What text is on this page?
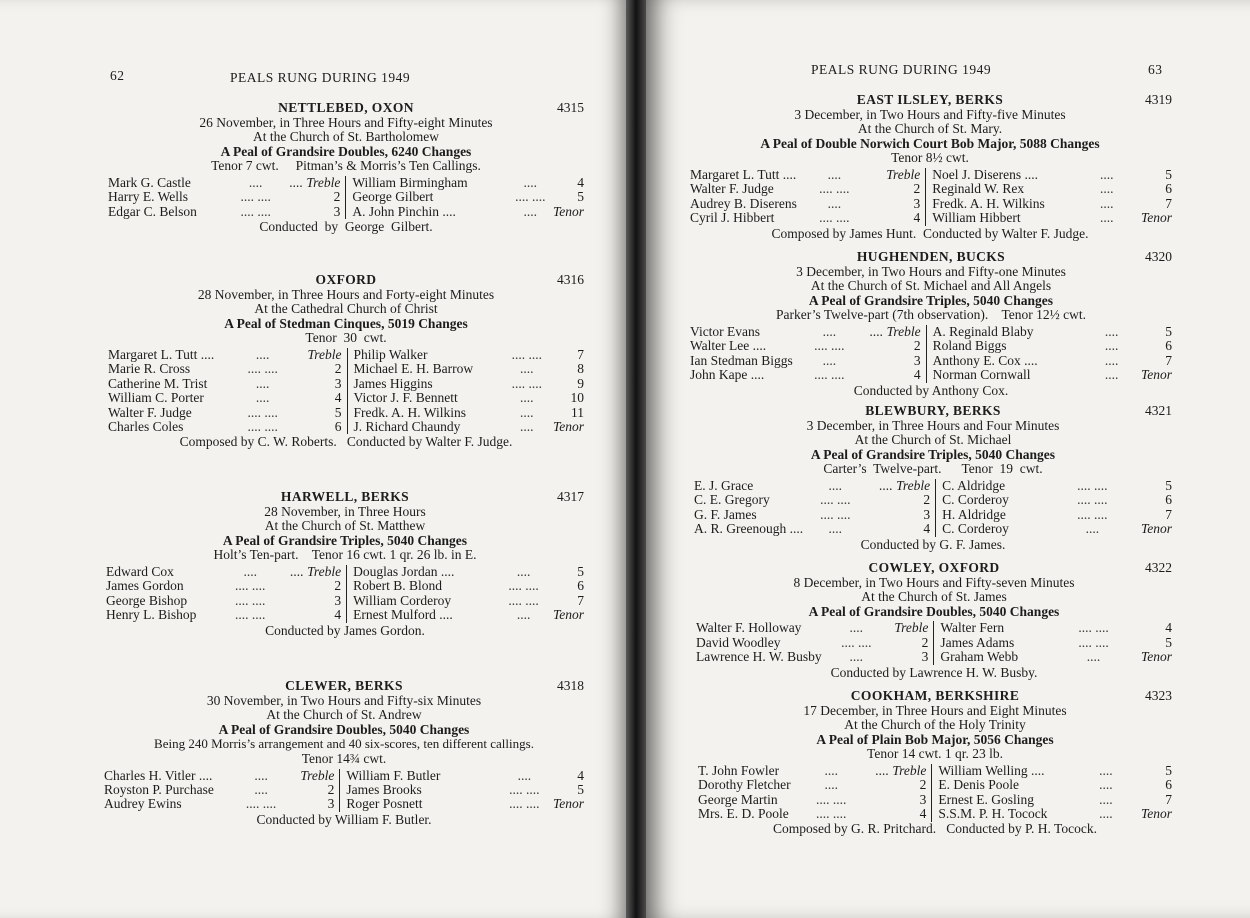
62	PEALS RUNG DURING 1949
NETTLEBED, OXON	4315
26 November, in Three Hours and Fifty-eight Minutes
At the Church of St. Bartholomew
A Peal of Grandsire Doubles, 6240 Changes
Tenor 7 cwt.     Pitman’s & Morris’s Ten Callings.
Mark G. Castle	....	.... Treble	William Birmingham	....	4
Harry E. Wells	.... ....	2	George Gilbert	.... ....	5
Edgar C. Belson	.... ....	3	A. John Pinchin ....	....	Tenor
Conducted  by  George  Gilbert.
OXFORD	4316
28 November, in Three Hours and Forty-eight Minutes
At the Cathedral Church of Christ
A Peal of Stedman Cinques, 5019 Changes
Tenor  30  cwt.
Margaret L. Tutt ....	....	Treble	Philip Walker	.... ....	7
Marie R. Cross	.... ....	2	Michael E. H. Barrow	....	8
Catherine M. Trist	....	3	James Higgins	.... ....	9
William C. Porter	....	4	Victor J. F. Bennett	....	10
Walter F. Judge	.... ....	5	Fredk. A. H. Wilkins	....	11
Charles Coles	.... ....	6	J. Richard Chaundy	....	Tenor
Composed by C. W. Roberts.   Conducted by Walter F. Judge.
HARWELL, BERKS	4317
28 November, in Three Hours
At the Church of St. Matthew
A Peal of Grandsire Triples, 5040 Changes
Holt’s Ten-part.    Tenor 16 cwt. 1 qr. 26 lb. in E.
Edward Cox	....	.... Treble	Douglas Jordan ....	....	5
James Gordon	.... ....	2	Robert B. Blond	.... ....	6
George Bishop	.... ....	3	William Corderoy	.... ....	7
Henry L. Bishop	.... ....	4	Ernest Mulford ....	....	Tenor
Conducted by James Gordon.
CLEWER, BERKS	4318
30 November, in Two Hours and Fifty-six Minutes
At the Church of St. Andrew
A Peal of Grandsire Doubles, 5040 Changes
Being 240 Morris’s arrangement and 40 six-scores, ten different callings.
Tenor 14¾ cwt.
Charles H. Vitler ....	....	Treble	William F. Butler	....	4
Royston P. Purchase	....	2	James Brooks	.... ....	5
Audrey Ewins	.... ....	3	Roger Posnett	.... ....	Tenor
Conducted by William F. Butler.
PEALS RUNG DURING 1949	63
EAST ILSLEY, BERKS	4319
3 December, in Two Hours and Fifty-five Minutes
At the Church of St. Mary.
A Peal of Double Norwich Court Bob Major, 5088 Changes
Tenor 8½ cwt.
Margaret L. Tutt ....	....	Treble	Noel J. Diserens ....	....	5
Walter F. Judge	.... ....	2	Reginald W. Rex	....	6
Audrey B. Diserens	....	3	Fredk. A. H. Wilkins	....	7
Cyril J. Hibbert	.... ....	4	William Hibbert	....	Tenor
Composed by James Hunt.  Conducted by Walter F. Judge.
HUGHENDEN, BUCKS	4320
3 December, in Two Hours and Fifty-one Minutes
At the Church of St. Michael and All Angels
A Peal of Grandsire Triples, 5040 Changes
Parker’s Twelve-part (7th observation).    Tenor 12½ cwt.
Victor Evans	....	.... Treble	A. Reginald Blaby	....	5
Walter Lee ....	.... ....	2	Roland Biggs	....	6
Ian Stedman Biggs	....	3	Anthony E. Cox ....	....	7
John Kape ....	.... ....	4	Norman Cornwall	....	Tenor
Conducted by Anthony Cox.
BLEWBURY, BERKS	4321
3 December, in Three Hours and Four Minutes
At the Church of St. Michael
A Peal of Grandsire Triples, 5040 Changes
Carter’s  Twelve-part.      Tenor  19  cwt.
E. J. Grace	....	.... Treble	C. Aldridge	.... ....	5
C. E. Gregory	.... ....	2	C. Corderoy	.... ....	6
G. F. James	.... ....	3	H. Aldridge	.... ....	7
A. R. Greenough ....	....	4	C. Corderoy	....	Tenor
Conducted by G. F. James.
COWLEY, OXFORD	4322
8 December, in Two Hours and Fifty-seven Minutes
At the Church of St. James
A Peal of Grandsire Doubles, 5040 Changes
Walter F. Holloway	....	Treble	Walter Fern	.... ....	4
David Woodley	.... ....	2	James Adams	.... ....	5
Lawrence H. W. Busby	....	3	Graham Webb	....	Tenor
Conducted by Lawrence H. W. Busby.
COOKHAM, BERKSHIRE	4323
17 December, in Three Hours and Eight Minutes
At the Church of the Holy Trinity
A Peal of Plain Bob Major, 5056 Changes
Tenor 14 cwt. 1 qr. 23 lb.
T. John Fowler	....	.... Treble	William Welling ....	....	5
Dorothy Fletcher	....	2	E. Denis Poole	....	6
George Martin	.... ....	3	Ernest E. Gosling	....	7
Mrs. E. D. Poole	.... ....	4	S.S.M. P. H. Tocock	....	Tenor
Composed by G. R. Pritchard.   Conducted by P. H. Tocock.
